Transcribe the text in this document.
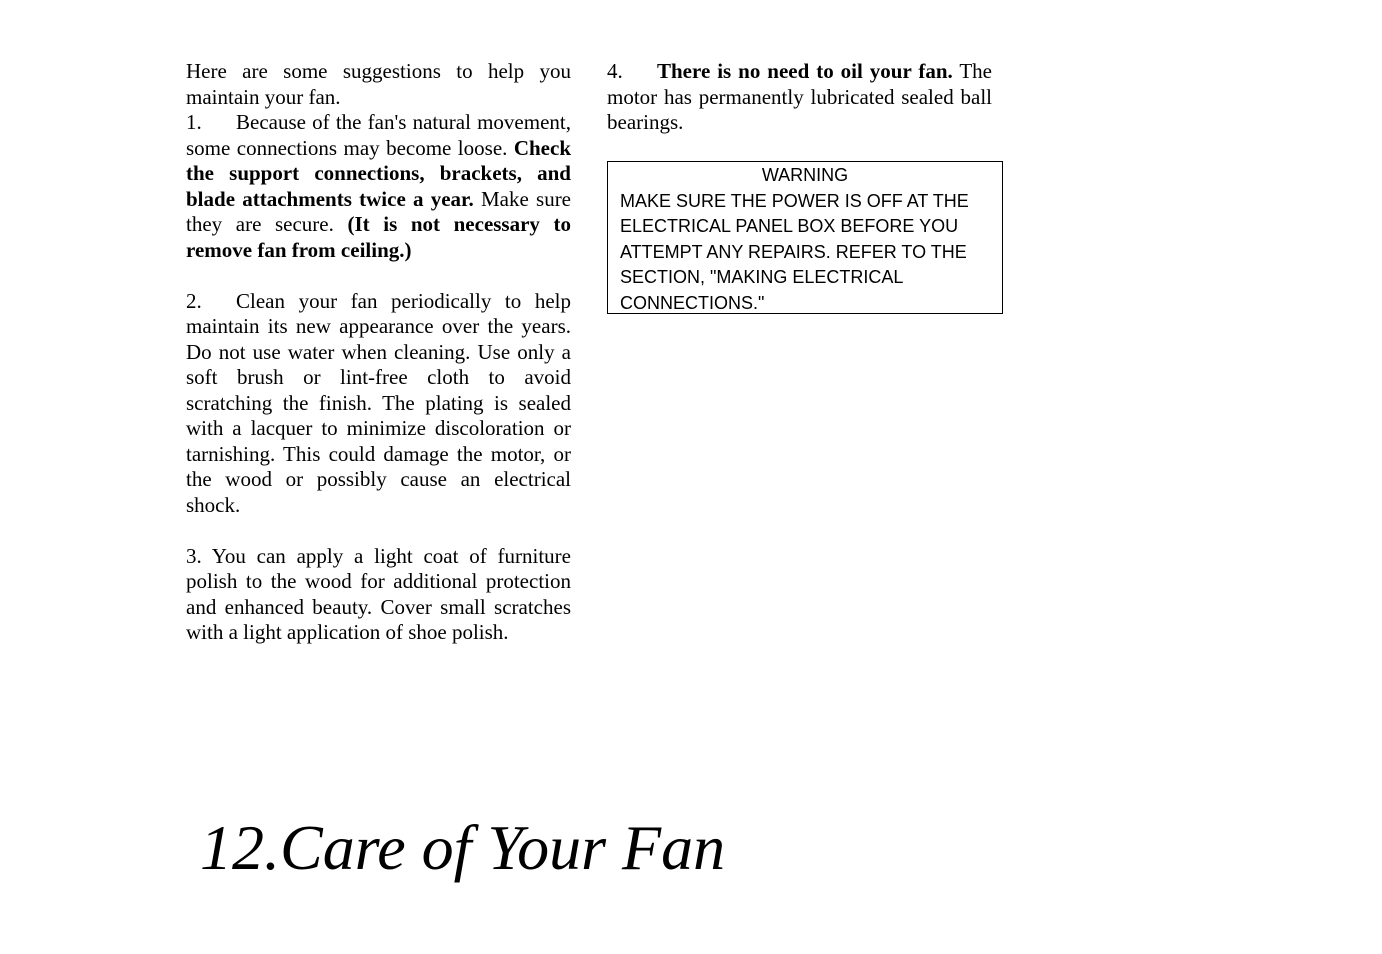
Here are some suggestions to help you maintain your fan.

1. Because of the fan's natural movement, some connections may become loose. Check the support connections, brackets, and blade attachments twice a year. Make sure they are secure. (It is not necessary to remove fan from ceiling.)

2. Clean your fan periodically to help maintain its new appearance over the years. Do not use water when cleaning. Use only a soft brush or lint-free cloth to avoid scratching the finish. The plating is sealed with a lacquer to minimize discoloration or tarnishing. This could damage the motor, or the wood or possibly cause an electrical shock.

3. You can apply a light coat of furniture polish to the wood for additional protection and enhanced beauty. Cover small scratches with a light application of shoe polish.

4. There is no need to oil your fan. The motor has permanently lubricated sealed ball bearings.

WARNING
MAKE SURE THE POWER IS OFF AT THE ELECTRICAL PANEL BOX BEFORE YOU ATTEMPT ANY REPAIRS. REFER TO THE SECTION, "MAKING ELECTRICAL CONNECTIONS."
12.Care of Your Fan
